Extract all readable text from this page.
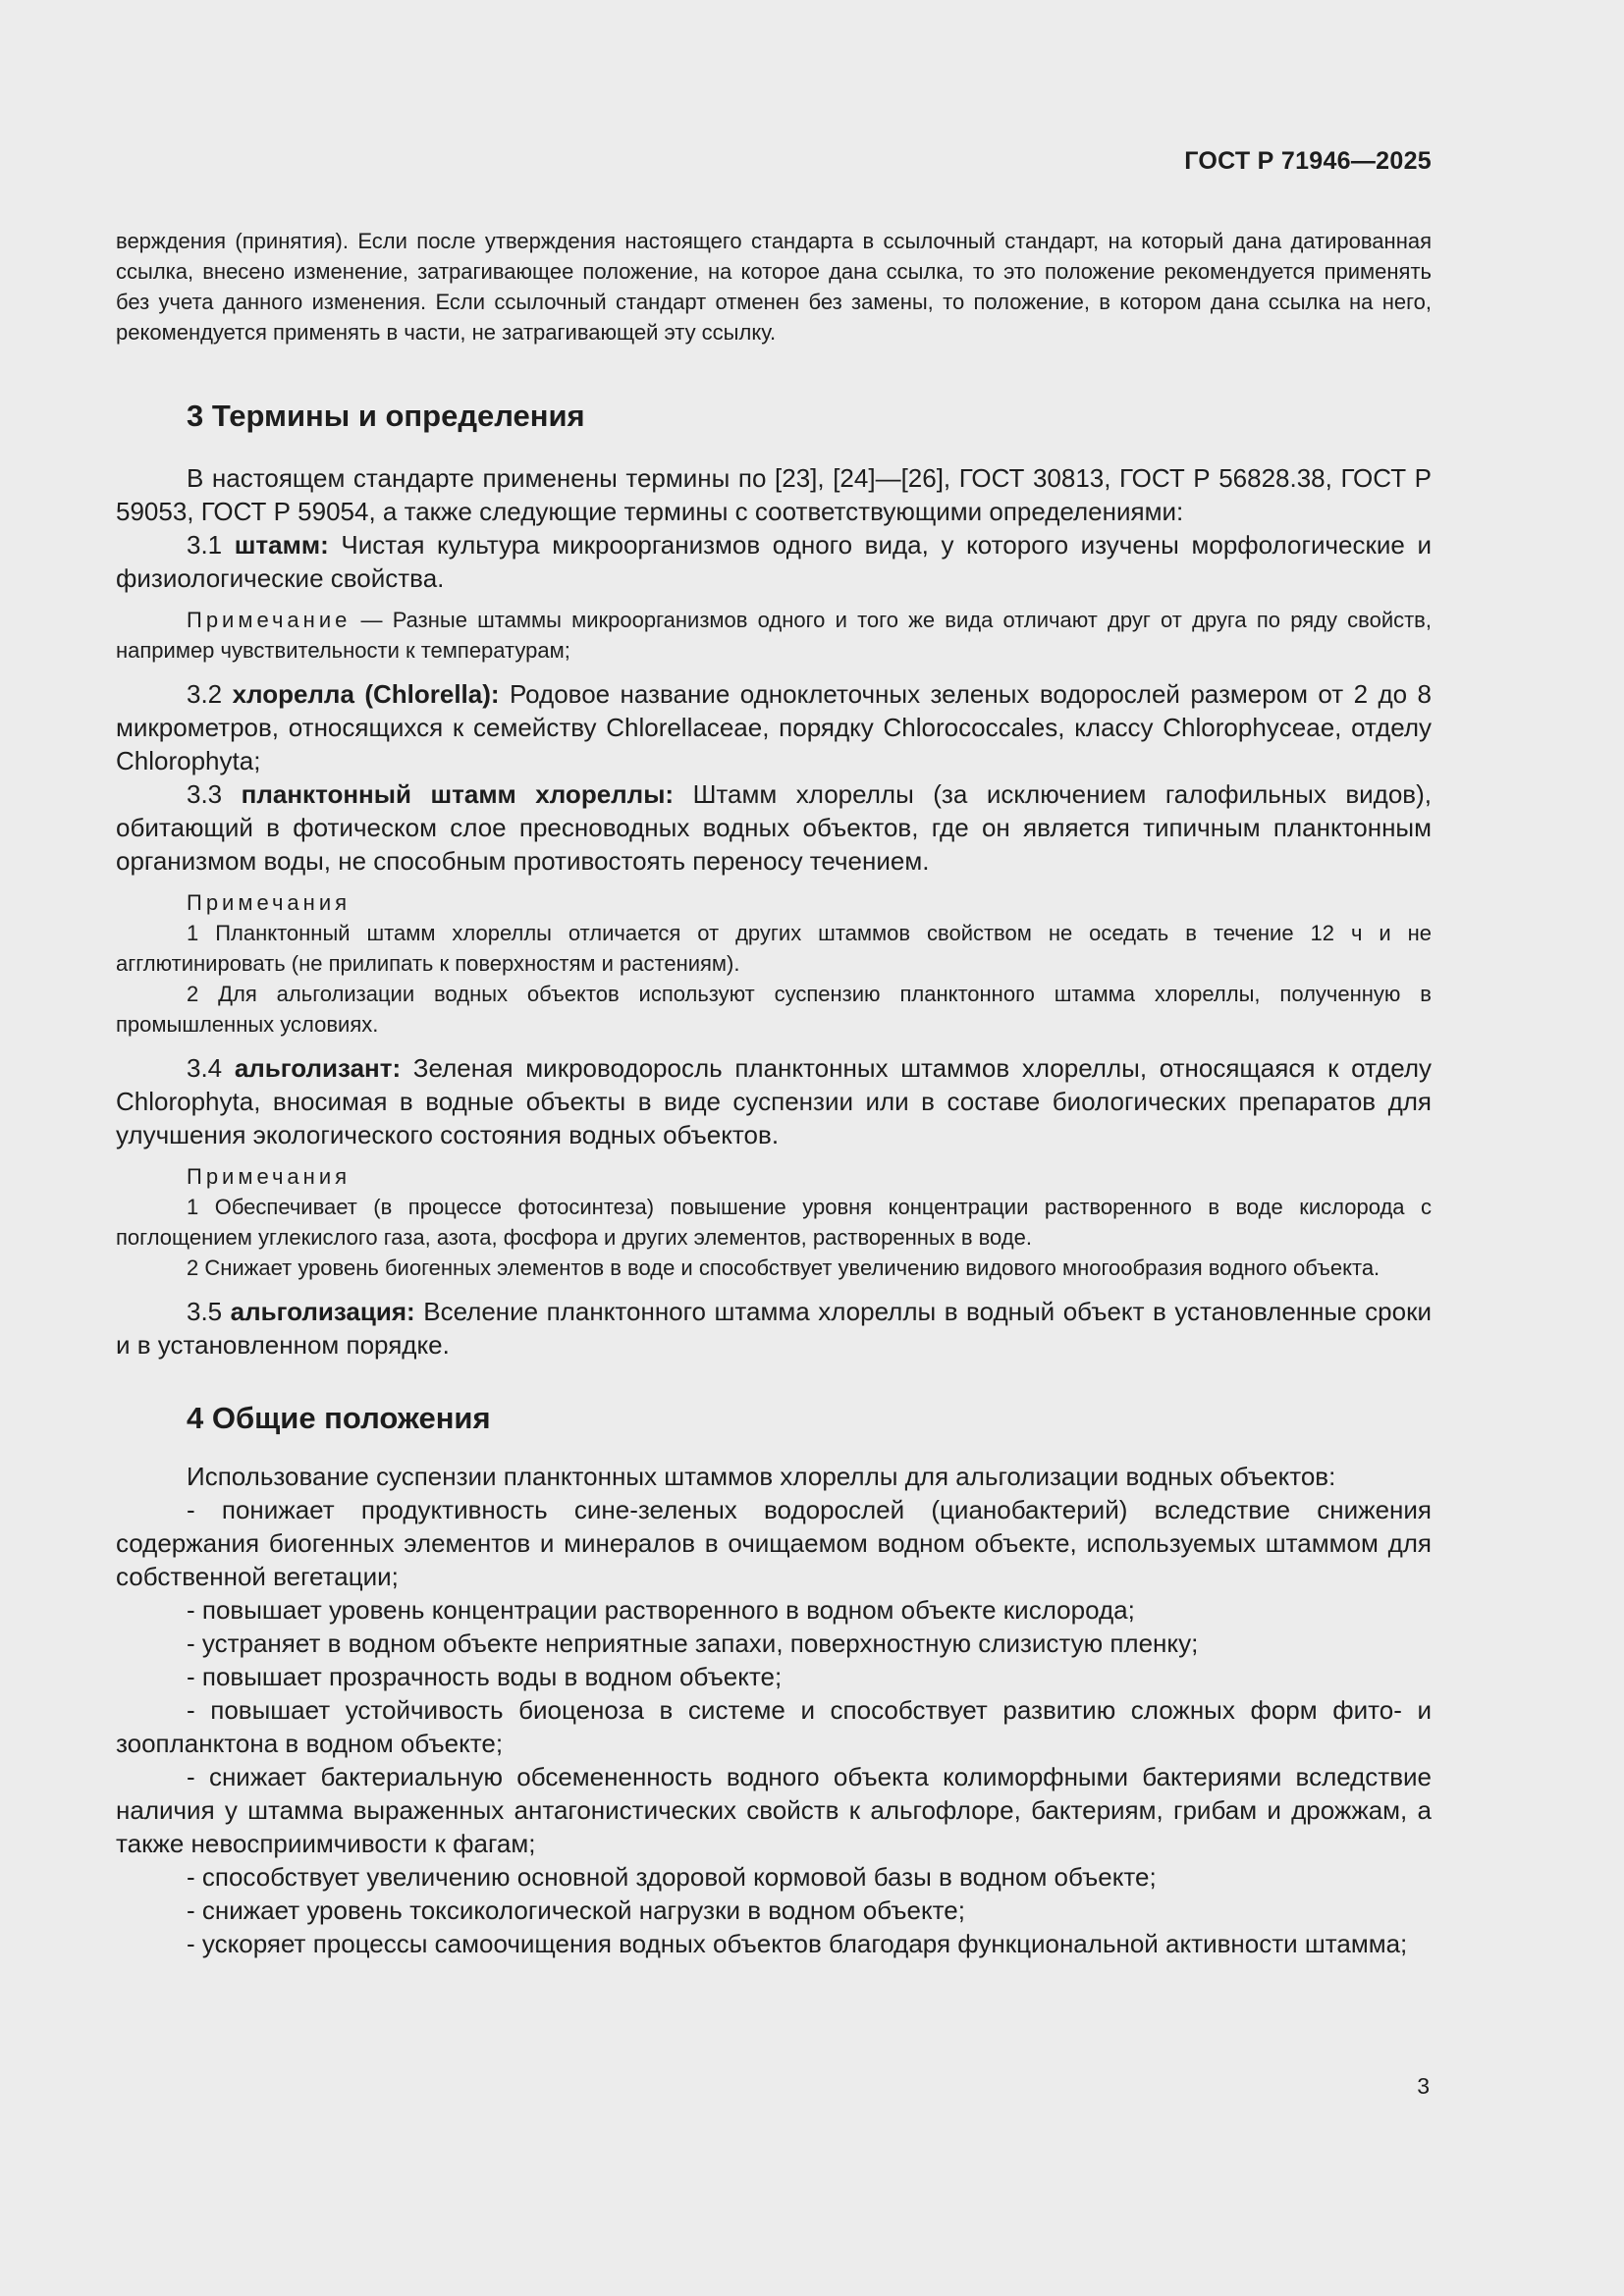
ГОСТ Р 71946—2025

верждения (принятия). Если после утверждения настоящего стандарта в ссылочный стандарт, на который дана датированная ссылка, внесено изменение, затрагивающее положение, на которое дана ссылка, то это положение рекомендуется применять без учета данного изменения. Если ссылочный стандарт отменен без замены, то положение, в котором дана ссылка на него, рекомендуется применять в части, не затрагивающей эту ссылку.

3 Термины и определения

В настоящем стандарте применены термины по [23], [24]—[26], ГОСТ 30813, ГОСТ Р 56828.38, ГОСТ Р 59053, ГОСТ Р 59054, а также следующие термины с соответствующими определениями:

3.1 штамм: Чистая культура микроорганизмов одного вида, у которого изучены морфологические и физиологические свойства.

Примечание — Разные штаммы микроорганизмов одного и того же вида отличают друг от друга по ряду свойств, например чувствительности к температурам;

3.2 хлорелла (Chlorella): Родовое название одноклеточных зеленых водорослей размером от 2 до 8 микрометров, относящихся к семейству Chlorellaceae, порядку Chlorococcales, классу Chlorophyceae, отделу Chlorophyta;

3.3 планктонный штамм хлореллы: Штамм хлореллы (за исключением галофильных видов), обитающий в фотическом слое пресноводных водных объектов, где он является типичным планктонным организмом воды, не способным противостоять переносу течением.

Примечания

1 Планктонный штамм хлореллы отличается от других штаммов свойством не оседать в течение 12 ч и не агглютинировать (не прилипать к поверхностям и растениям).

2 Для альголизации водных объектов используют суспензию планктонного штамма хлореллы, полученную в промышленных условиях.

3.4 альголизант: Зеленая микроводоросль планктонных штаммов хлореллы, относящаяся к отделу Chlorophyta, вносимая в водные объекты в виде суспензии или в составе биологических препаратов для улучшения экологического состояния водных объектов.

Примечания

1 Обеспечивает (в процессе фотосинтеза) повышение уровня концентрации растворенного в воде кислорода с поглощением углекислого газа, азота, фосфора и других элементов, растворенных в воде.

2 Снижает уровень биогенных элементов в воде и способствует увеличению видового многообразия водного объекта.

3.5 альголизация: Вселение планктонного штамма хлореллы в водный объект в установленные сроки и в установленном порядке.

4 Общие положения

Использование суспензии планктонных штаммов хлореллы для альголизации водных объектов:

- понижает продуктивность сине-зеленых водорослей (цианобактерий) вследствие снижения содержания биогенных элементов и минералов в очищаемом водном объекте, используемых штаммом для собственной вегетации;

- повышает уровень концентрации растворенного в водном объекте кислорода;

- устраняет в водном объекте неприятные запахи, поверхностную слизистую пленку;

- повышает прозрачность воды в водном объекте;

- повышает устойчивость биоценоза в системе и способствует развитию сложных форм фито- и зоопланктона в водном объекте;

- снижает бактериальную обсемененность водного объекта колиморфными бактериями вследствие наличия у штамма выраженных антагонистических свойств к альгофлоре, бактериям, грибам и дрожжам, а также невосприимчивости к фагам;

- способствует увеличению основной здоровой кормовой базы в водном объекте;

- снижает уровень токсикологической нагрузки в водном объекте;

- ускоряет процессы самоочищения водных объектов благодаря функциональной активности штамма;

3
